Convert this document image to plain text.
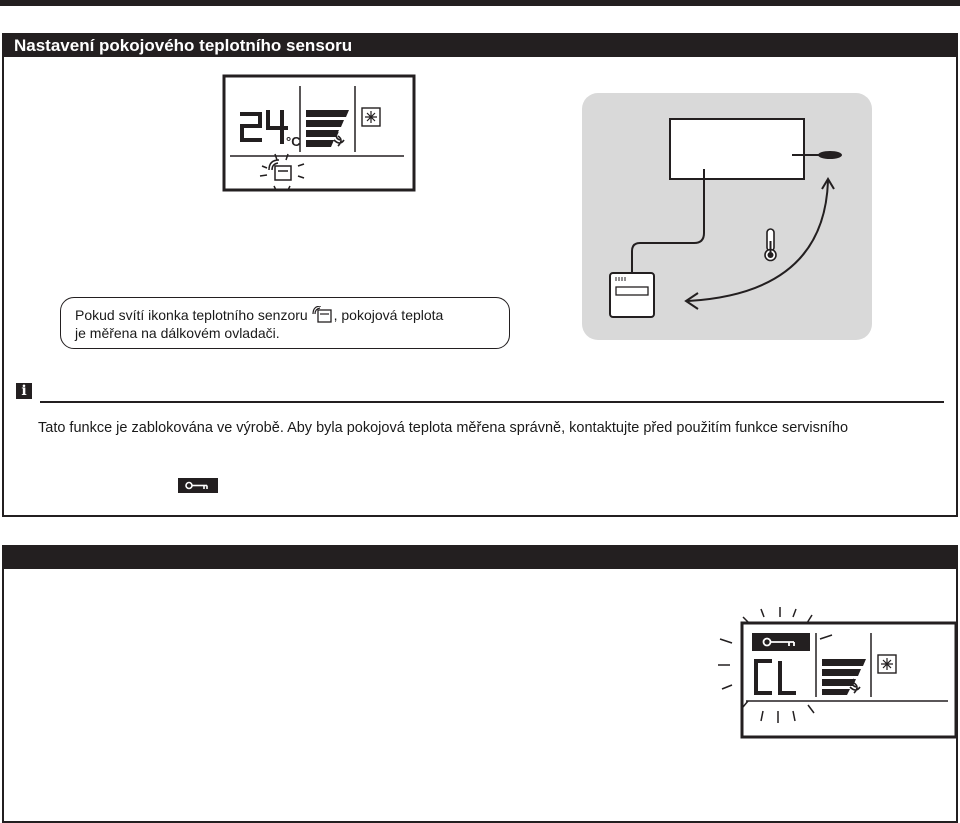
Nastavení pokojového teplotního sensoru
°C
Pokud svítí ikonka teplotního senzoru , pokojová teplota
je měřena na dálkovém ovladači.
i
Tato funkce je zablokována ve výrobě. Aby byla pokojová teplota měřena správně, kontaktujte před použitím funkce servisního
